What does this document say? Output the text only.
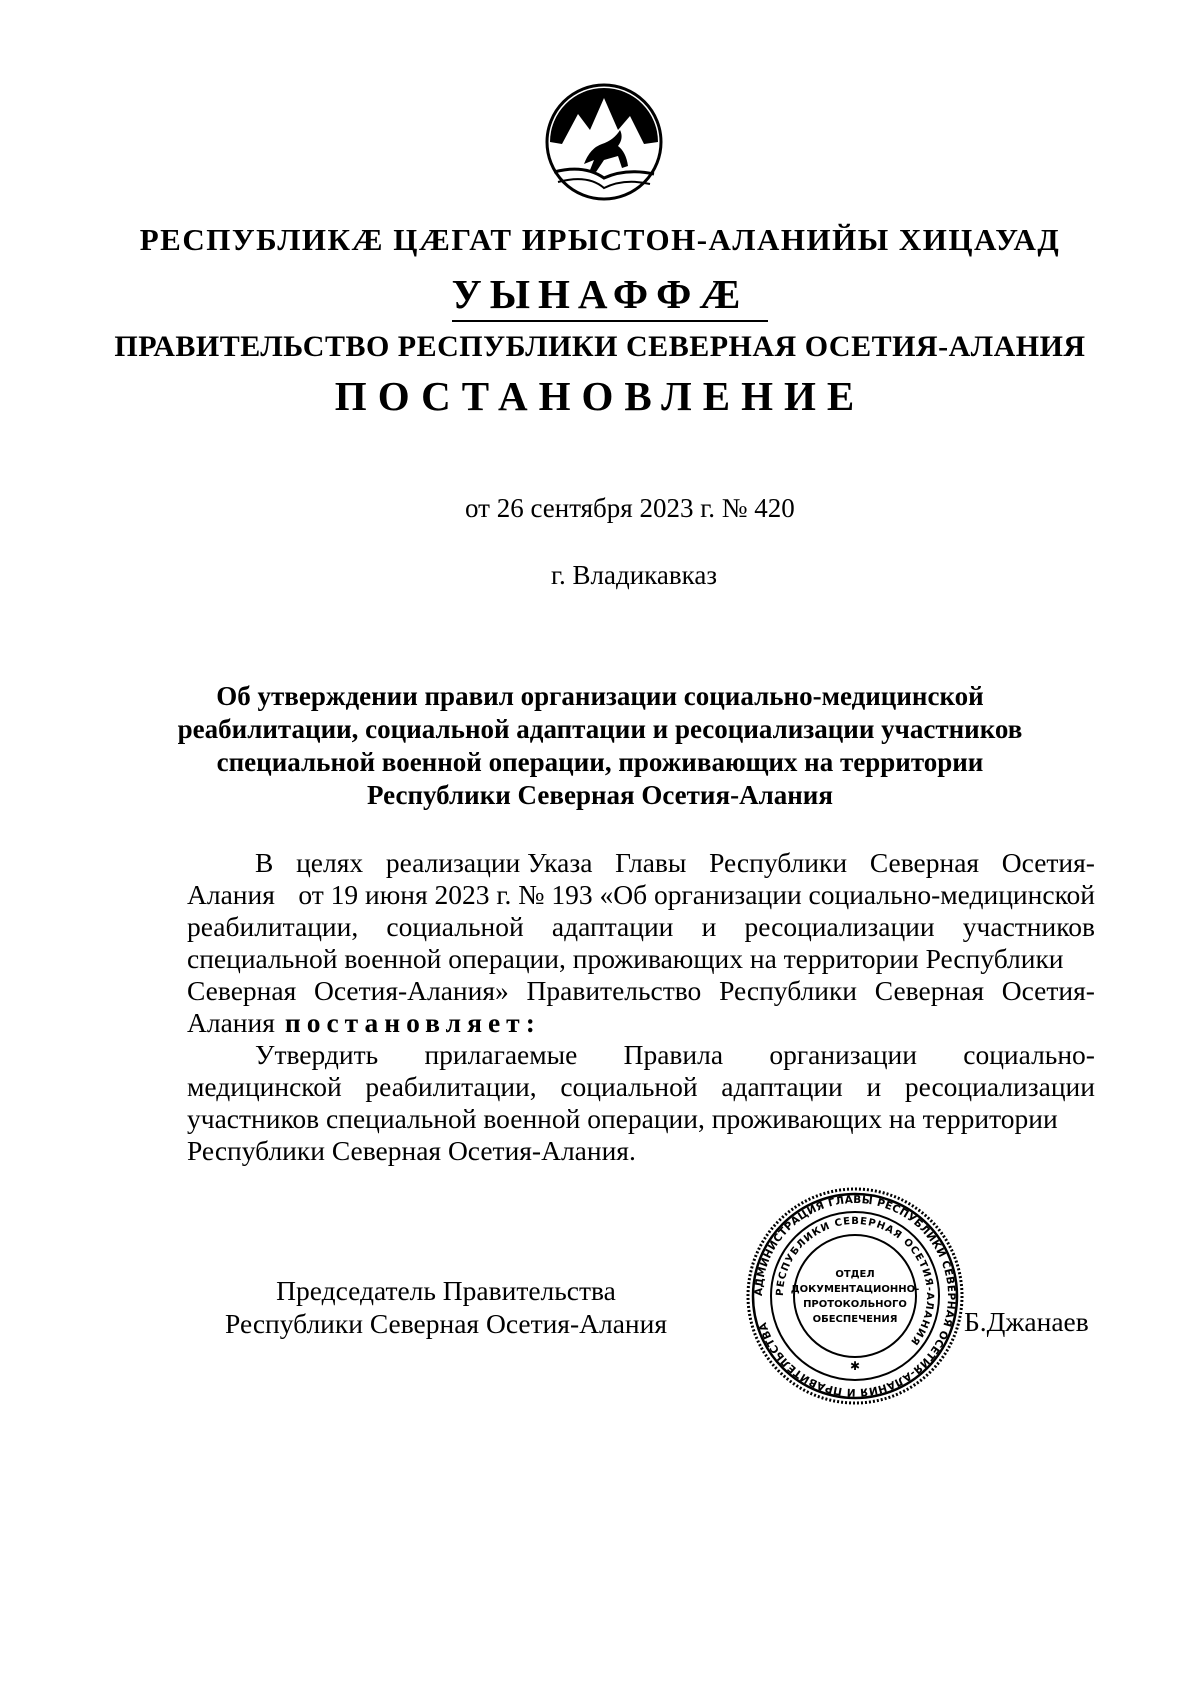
РЕСПУБЛИКÆ ЦÆГАТ ИРЫСТОН-АЛАНИЙЫ ХИЦАУАД
УЫНАФФÆ
ПРАВИТЕЛЬСТВО РЕСПУБЛИКИ СЕВЕРНАЯ ОСЕТИЯ-АЛАНИЯ
ПОСТАНОВЛЕНИЕ
от 26 сентября 2023 г. № 420
г. Владикавказ
Об утверждении правил организации социально-медицинской
реабилитации, социальной адаптации и ресоциализации участников
специальной военной операции, проживающих на территории
Республики Северная Осетия-Алания
В целях реализации Указа Главы Республики Северная Осетия-
Алания от 19 июня 2023 г. № 193 «Об организации социально-медицинской
реабилитации, социальной адаптации и ресоциализации участников
специальной военной операции, проживающих на территории Республики
Северная Осетия-Алания» Правительство Республики Северная Осетия-
Алания постановляет:
Утвердить прилагаемые Правила организации социально-
медицинской реабилитации, социальной адаптации и ресоциализации
участников специальной военной операции, проживающих на территории
Республики Северная Осетия-Алания.
Председатель Правительства
Республики Северная Осетия-Алания
АДМИНИСТРАЦИЯ ГЛАВЫ РЕСПУБЛИКИ СЕВЕРНАЯ ОСЕТИЯ-АЛАНИЯ И ПРАВИТЕЛЬСТВА
РЕСПУБЛИКИ СЕВЕРНАЯ ОСЕТИЯ-АЛАНИЯ
ОТДЕЛ
ДОКУМЕНТАЦИОННО-
ПРОТОКОЛЬНОГО
ОБЕСПЕЧЕНИЯ
✱
Б.Джанаев
